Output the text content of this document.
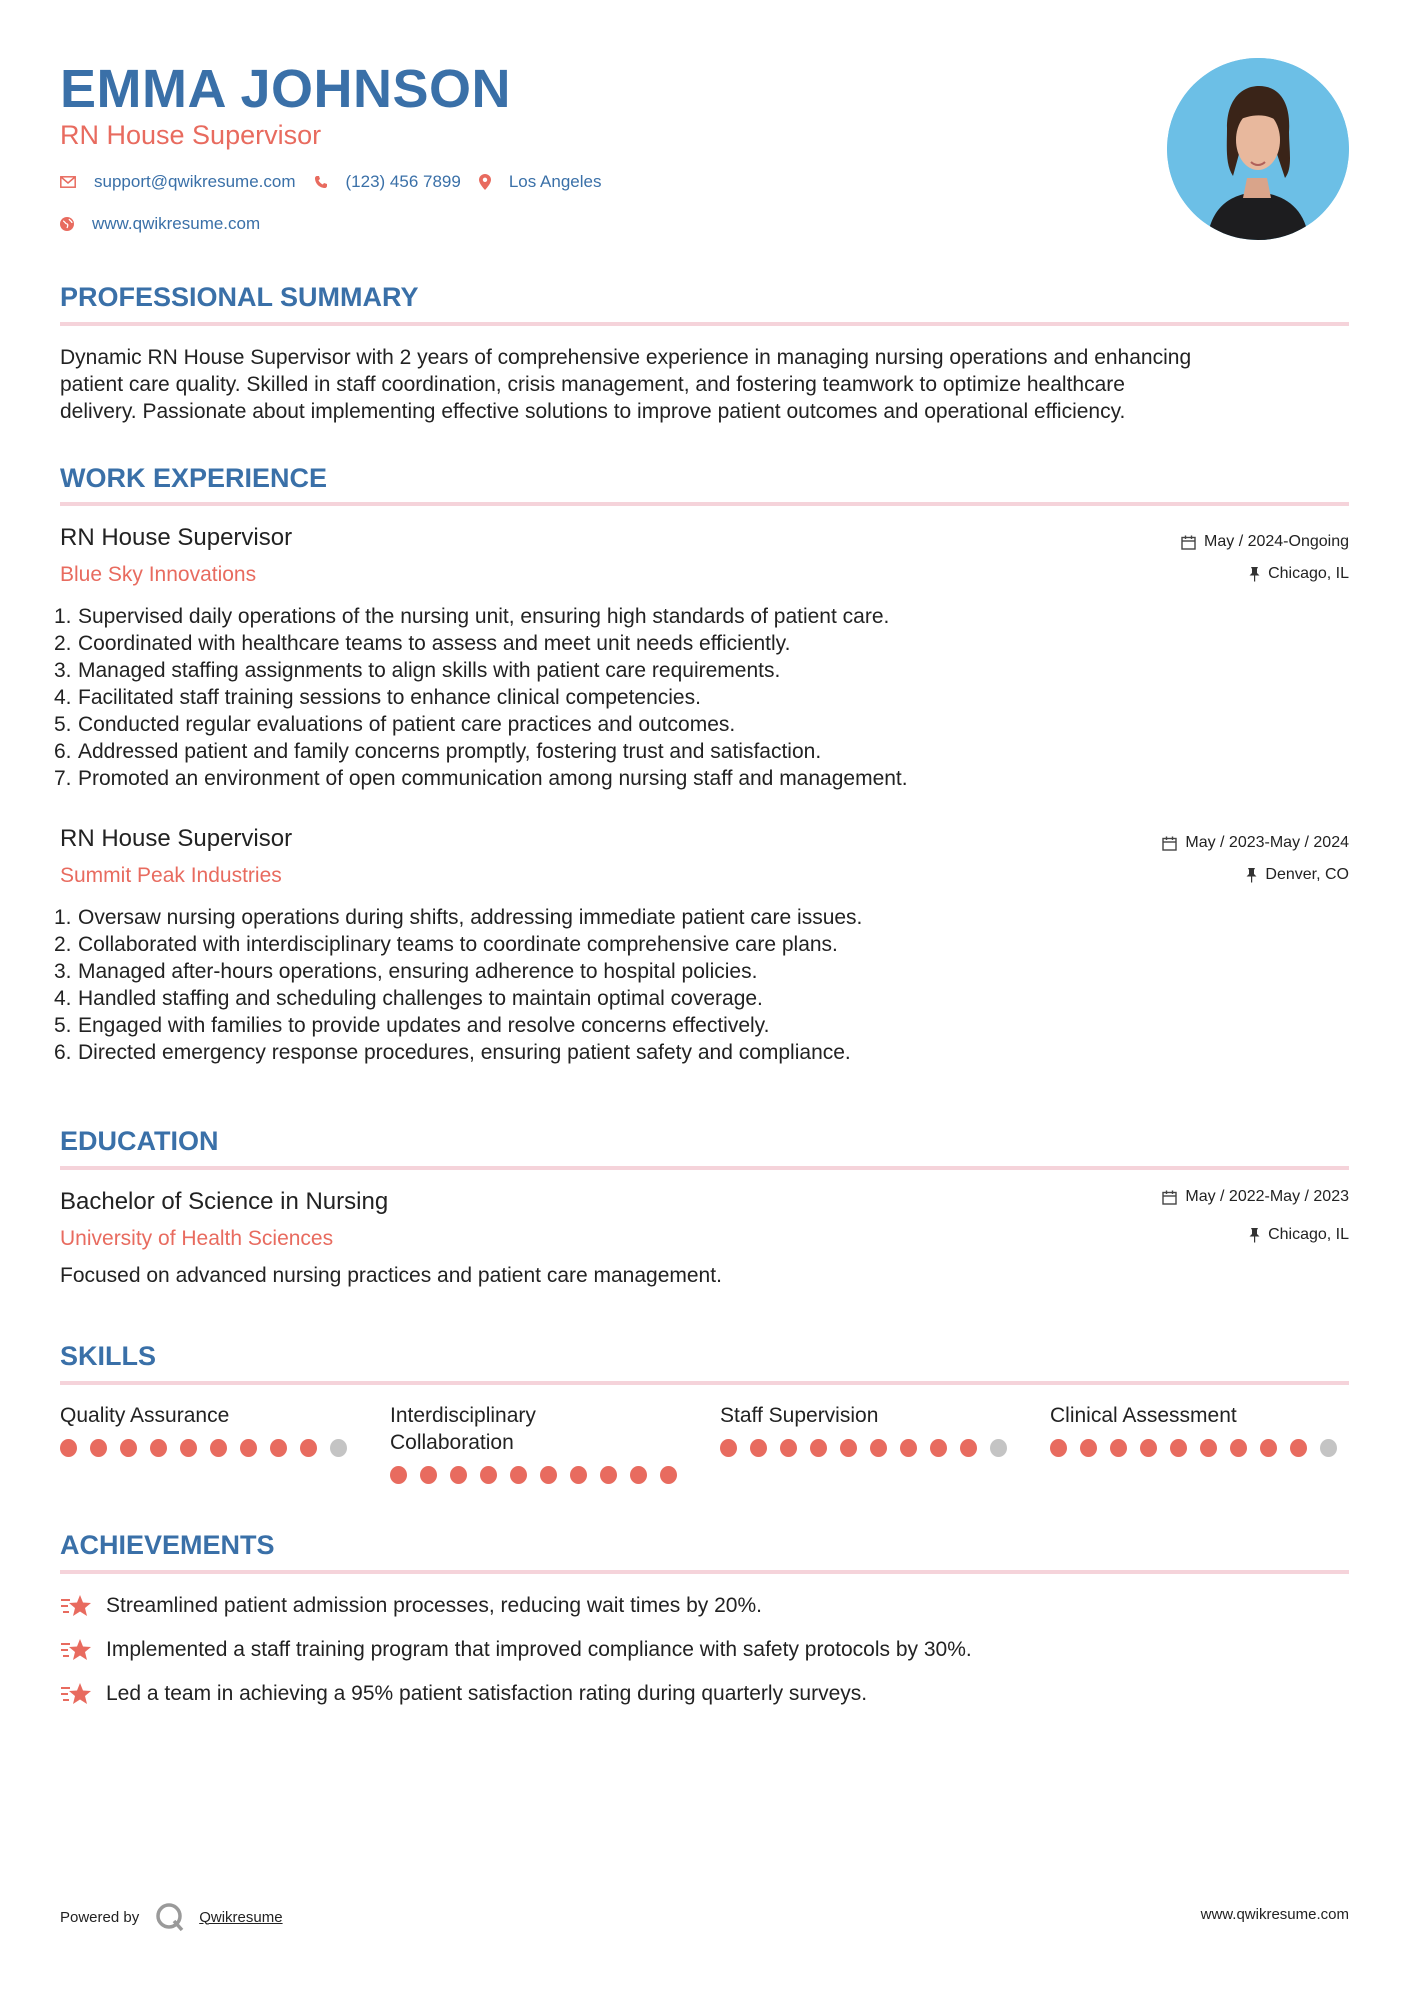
EMMA JOHNSON
RN House Supervisor
support@qwikresume.com	(123) 456 7899	Los Angeles
www.qwikresume.com
PROFESSIONAL SUMMARY
Dynamic RN House Supervisor with 2 years of comprehensive experience in managing nursing operations and enhancing
patient care quality. Skilled in staff coordination, crisis management, and fostering teamwork to optimize healthcare
delivery. Passionate about implementing effective solutions to improve patient outcomes and operational efficiency.
WORK EXPERIENCE
RN House Supervisor
Blue Sky Innovations
May / 2024-Ongoing
Chicago, IL
1. Supervised daily operations of the nursing unit, ensuring high standards of patient care.
2. Coordinated with healthcare teams to assess and meet unit needs efficiently.
3. Managed staffing assignments to align skills with patient care requirements.
4. Facilitated staff training sessions to enhance clinical competencies.
5. Conducted regular evaluations of patient care practices and outcomes.
6. Addressed patient and family concerns promptly, fostering trust and satisfaction.
7. Promoted an environment of open communication among nursing staff and management.
RN House Supervisor
Summit Peak Industries
May / 2023-May / 2024
Denver, CO
1. Oversaw nursing operations during shifts, addressing immediate patient care issues.
2. Collaborated with interdisciplinary teams to coordinate comprehensive care plans.
3. Managed after-hours operations, ensuring adherence to hospital policies.
4. Handled staffing and scheduling challenges to maintain optimal coverage.
5. Engaged with families to provide updates and resolve concerns effectively.
6. Directed emergency response procedures, ensuring patient safety and compliance.
EDUCATION
Bachelor of Science in Nursing
University of Health Sciences
May / 2022-May / 2023
Chicago, IL
Focused on advanced nursing practices and patient care management.
SKILLS
Quality Assurance	Interdisciplinary
Collaboration
Staff Supervision	Clinical Assessment
ACHIEVEMENTS
Streamlined patient admission processes, reducing wait times by 20%.
Implemented a staff training program that improved compliance with safety protocols by 30%.
Led a team in achieving a 95% patient satisfaction rating during quarterly surveys.
Powered by	Qwikresume	www.qwikresume.com
